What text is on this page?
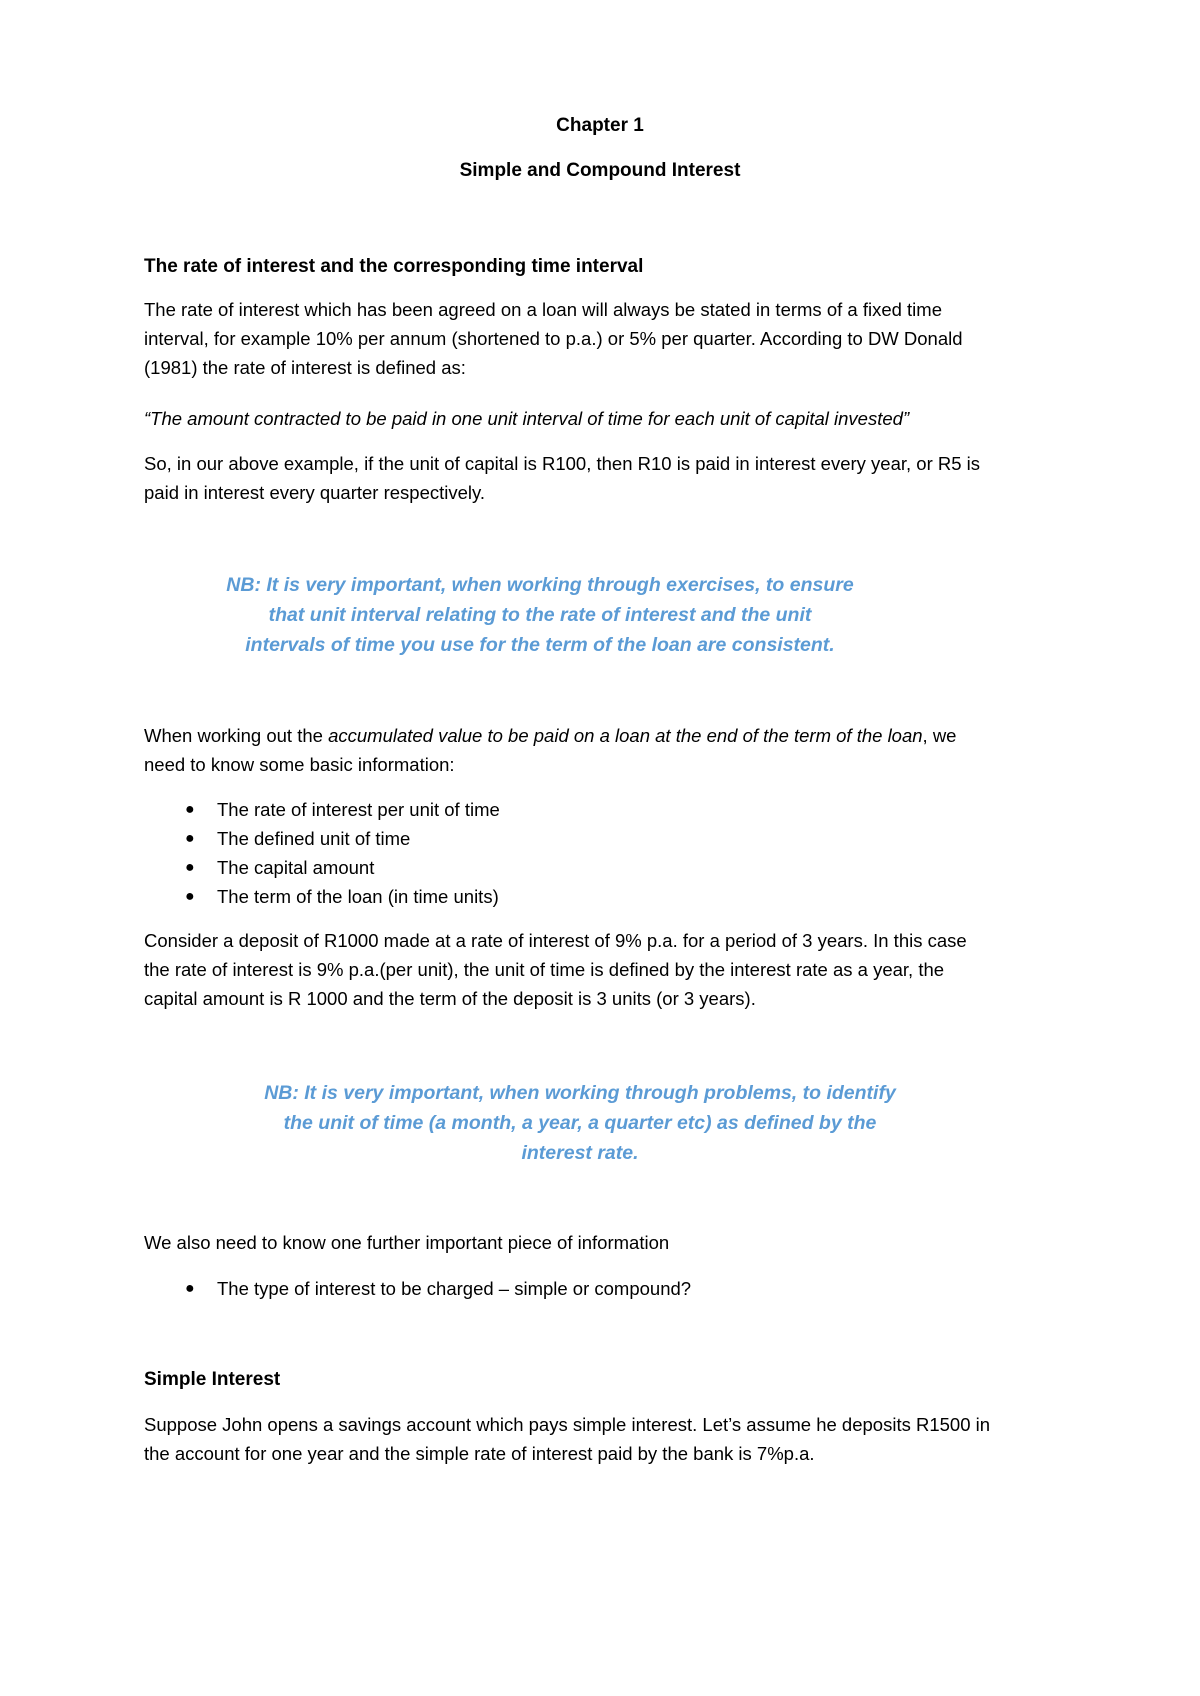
Chapter 1
Simple and Compound Interest
The rate of interest and the corresponding time interval
The rate of interest which has been agreed on a loan will always be stated in terms of a fixed time
interval, for example 10% per annum (shortened to p.a.) or 5% per quarter. According to DW Donald
(1981) the rate of interest is defined as:
“The amount contracted to be paid in one unit interval of time for each unit of capital invested”
So, in our above example, if the unit of capital is R100, then R10 is paid in interest every year, or R5 is
paid in interest every quarter respectively.
NB: It is very important, when working through exercises, to ensure
that unit interval relating to the rate of interest and the unit
intervals of time you use for the term of the loan are consistent.
When working out the accumulated value to be paid on a loan at the end of the term of the loan, we
need to know some basic information:
● The rate of interest per unit of time
● The defined unit of time
● The capital amount
● The term of the loan (in time units)
Consider a deposit of R1000 made at a rate of interest of 9% p.a. for a period of 3 years. In this case
the rate of interest is 9% p.a.(per unit), the unit of time is defined by the interest rate as a year, the
capital amount is R 1000 and the term of the deposit is 3 units (or 3 years).
NB: It is very important, when working through problems, to identify
the unit of time (a month, a year, a quarter etc) as defined by the
interest rate.
We also need to know one further important piece of information
● The type of interest to be charged – simple or compound?
Simple Interest
Suppose John opens a savings account which pays simple interest. Let’s assume he deposits R1500 in
the account for one year and the simple rate of interest paid by the bank is 7%p.a.
